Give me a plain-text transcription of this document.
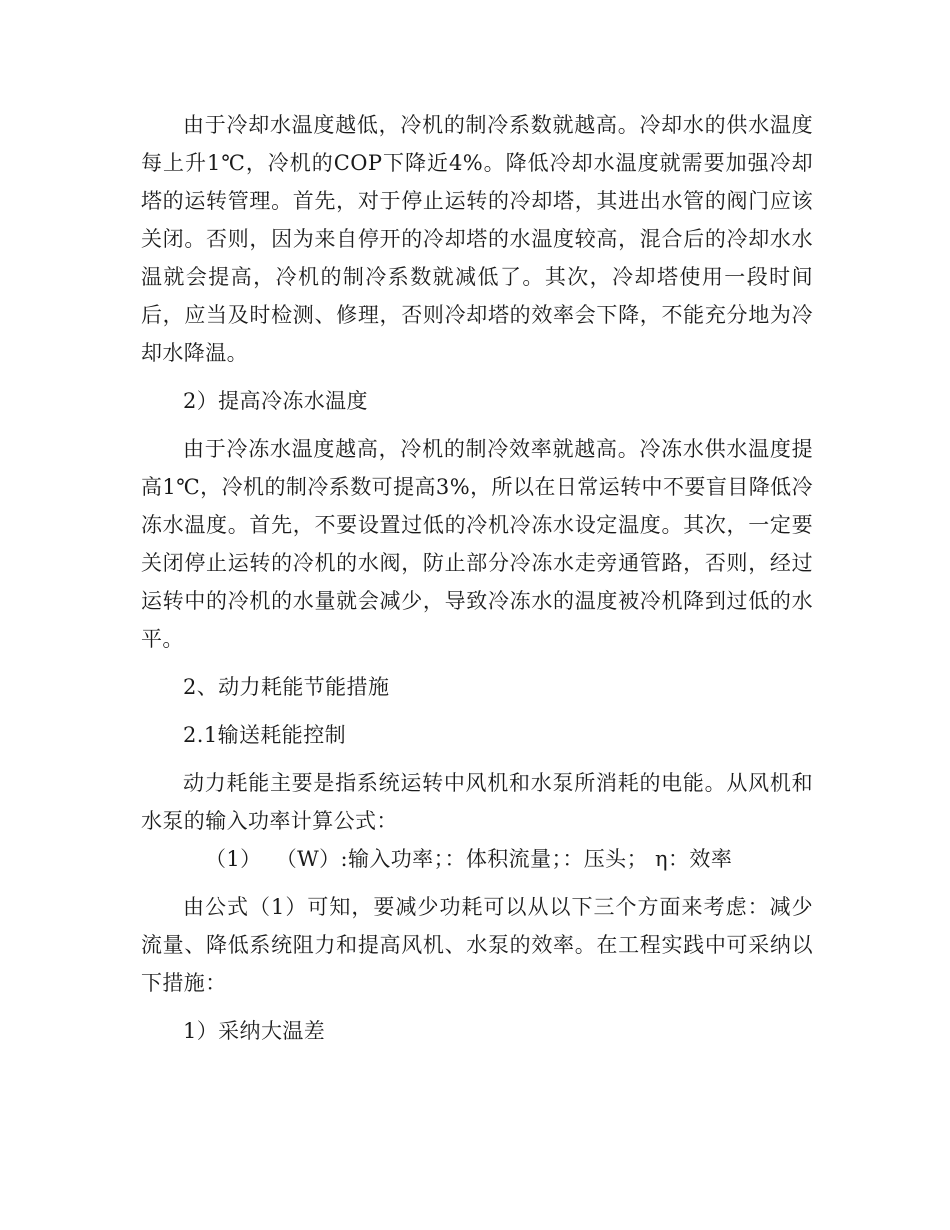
由于冷却水温度越低，冷机的制冷系数就越高。冷却水的供水温度每上升1℃，冷机的COP下降近4%。降低冷却水温度就需要加强冷却塔的运转管理。首先，对于停止运转的冷却塔，其进出水管的阀门应该关闭。否则，因为来自停开的冷却塔的水温度较高，混合后的冷却水水温就会提高，冷机的制冷系数就减低了。其次，冷却塔使用一段时间后，应当及时检测、修理，否则冷却塔的效率会下降，不能充分地为冷却水降温。

2）提高冷冻水温度

由于冷冻水温度越高，冷机的制冷效率就越高。冷冻水供水温度提高1℃，冷机的制冷系数可提高3%，所以在日常运转中不要盲目降低冷冻水温度。首先，不要设置过低的冷机冷冻水设定温度。其次，一定要关闭停止运转的冷机的水阀，防止部分冷冻水走旁通管路，否则，经过运转中的冷机的水量就会减少，导致冷冻水的温度被冷机降到过低的水平。

2、动力耗能节能措施

2.1输送耗能控制

动力耗能主要是指系统运转中风机和水泵所消耗的电能。从风机和水泵的输入功率计算公式：

（1） （W）:输入功率；：体积流量；：压头； η：效率

由公式（1）可知，要减少功耗可以从以下三个方面来考虑：减少流量、降低系统阻力和提高风机、水泵的效率。在工程实践中可采纳以下措施：

1）采纳大温差
